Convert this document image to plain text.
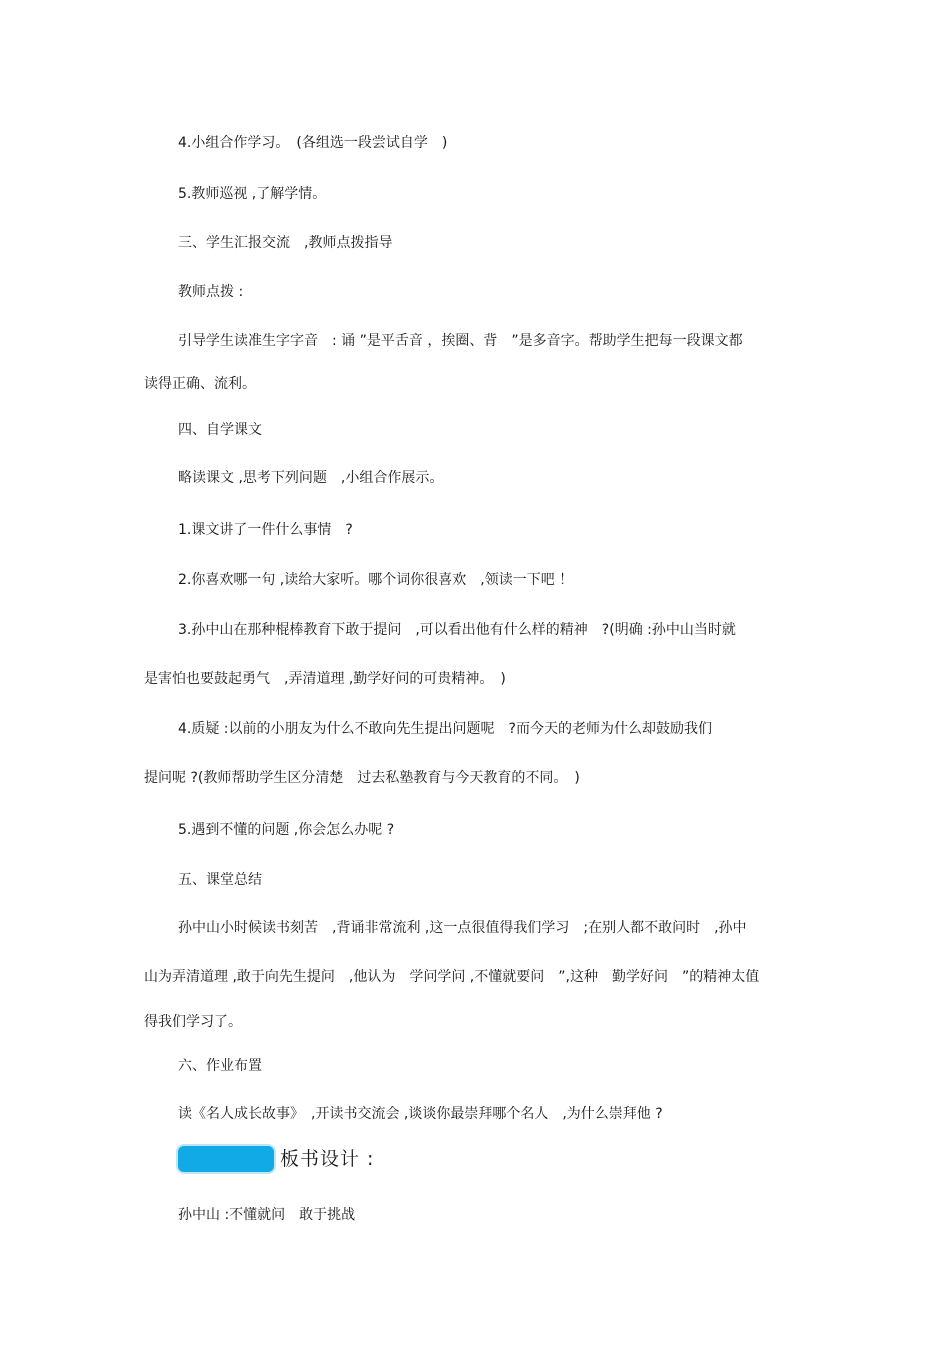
4.小组合作学习。　(各组选一段尝试自学　)

5.教师巡视 ,了解学情。

三、学生汇报交流　,教师点拨指导

教师点拨 :

引导学生读准生字字音　: 诵 ”是平舌音 ，挨圈、背　”是多音字。帮助学生把每一段课文都

读得正确、流利。

四、自学课文

略读课文 ,思考下列问题　,小组合作展示。

1.课文讲了一件什么事情　?

2.你喜欢哪一句 ,读给大家听。哪个词你很喜欢　,领读一下吧 ！

3.孙中山在那种棍棒教育下敢于提问　,可以看出他有什么样的精神　?(明确 :孙中山当时就

是害怕也要鼓起勇气　,弄清道理 ,勤学好问的可贵精神。　)

4.质疑 :以前的小朋友为什么不敢向先生提出问题呢　?而今天的老师为什么却鼓励我们

提问呢 ?(教师帮助学生区分清楚　过去私塾教育与今天教育的不同。　)

5.遇到不懂的问题 ,你会怎么办呢 ?

五、课堂总结

孙中山小时候读书刻苦　,背诵非常流利 ,这一点很值得我们学习　;在别人都不敢问时　,孙中

山为弄清道理 ,敢于向先生提问　,他认为　学问学问 ,不懂就要问　”,这种　勤学好问　”的精神太值

得我们学习了。

六、作业布置

读《名人成长故事》　,开读书交流会 ,谈谈你最崇拜哪个名人　,为什么崇拜他 ?

板书设计 :

孙中山 :不懂就问　敢于挑战
